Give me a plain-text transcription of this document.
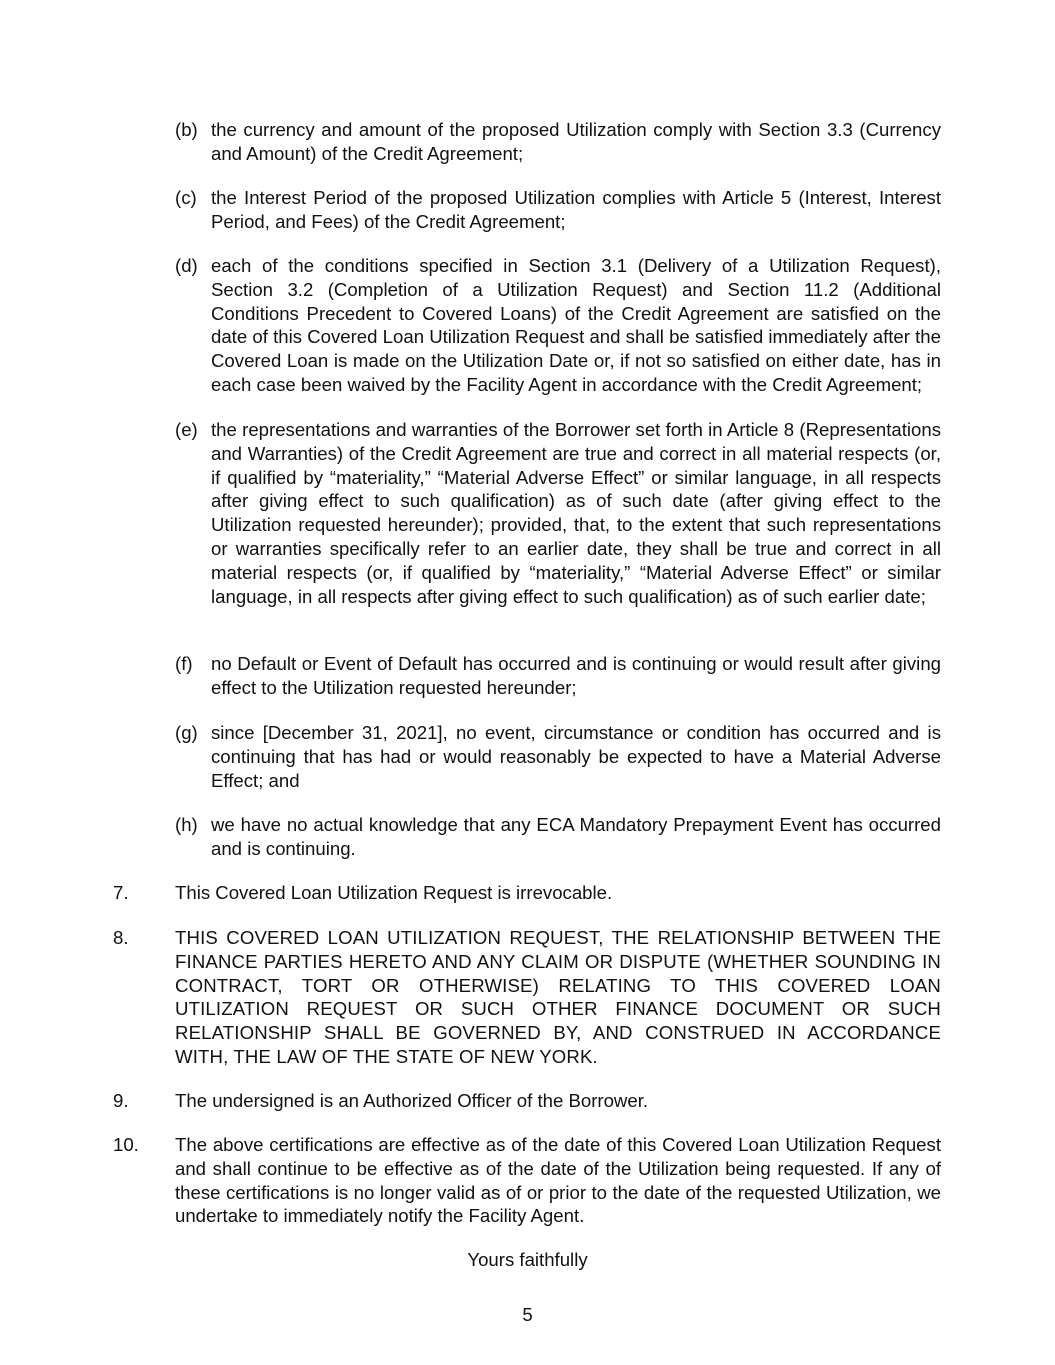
(b) the currency and amount of the proposed Utilization comply with Section 3.3 (Currency and Amount) of the Credit Agreement;
(c) the Interest Period of the proposed Utilization complies with Article 5 (Interest, Interest Period, and Fees) of the Credit Agreement;
(d) each of the conditions specified in Section 3.1 (Delivery of a Utilization Request), Section 3.2 (Completion of a Utilization Request) and Section 11.2 (Additional Conditions Precedent to Covered Loans) of the Credit Agreement are satisfied on the date of this Covered Loan Utilization Request and shall be satisfied immediately after the Covered Loan is made on the Utilization Date or, if not so satisfied on either date, has in each case been waived by the Facility Agent in accordance with the Credit Agreement;
(e) the representations and warranties of the Borrower set forth in Article 8 (Representations and Warranties) of the Credit Agreement are true and correct in all material respects (or, if qualified by “materiality,” “Material Adverse Effect” or similar language, in all respects after giving effect to such qualification) as of such date (after giving effect to the Utilization requested hereunder); provided, that, to the extent that such representations or warranties specifically refer to an earlier date, they shall be true and correct in all material respects (or, if qualified by “materiality,” “Material Adverse Effect” or similar language, in all respects after giving effect to such qualification) as of such earlier date;
(f) no Default or Event of Default has occurred and is continuing or would result after giving effect to the Utilization requested hereunder;
(g) since [December 31, 2021], no event, circumstance or condition has occurred and is continuing that has had or would reasonably be expected to have a Material Adverse Effect; and
(h) we have no actual knowledge that any ECA Mandatory Prepayment Event has occurred and is continuing.
7.	This Covered Loan Utilization Request is irrevocable.
8.	THIS COVERED LOAN UTILIZATION REQUEST, THE RELATIONSHIP BETWEEN THE FINANCE PARTIES HERETO AND ANY CLAIM OR DISPUTE (WHETHER SOUNDING IN CONTRACT, TORT OR OTHERWISE) RELATING TO THIS COVERED LOAN UTILIZATION REQUEST OR SUCH OTHER FINANCE DOCUMENT OR SUCH RELATIONSHIP SHALL BE GOVERNED BY, AND CONSTRUED IN ACCORDANCE WITH, THE LAW OF THE STATE OF NEW YORK.
9.	The undersigned is an Authorized Officer of the Borrower.
10.	The above certifications are effective as of the date of this Covered Loan Utilization Request and shall continue to be effective as of the date of the Utilization being requested. If any of these certifications is no longer valid as of or prior to the date of the requested Utilization, we undertake to immediately notify the Facility Agent.
Yours faithfully
5
